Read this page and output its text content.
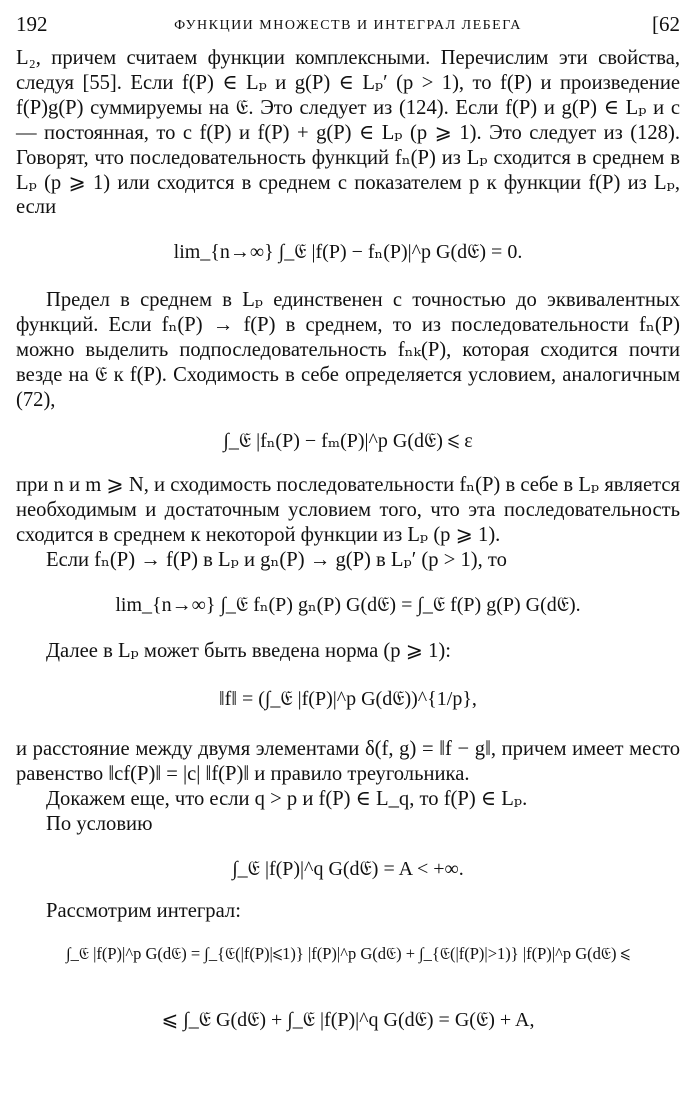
192	ФУНКЦИИ МНОЖЕСТВ И ИНТЕГРАЛ ЛЕБЕГА	[62

L₂, причем считаем функции комплексными. Перечислим эти свойства, следуя [55]. Если f(P) ∈ Lₚ и g(P) ∈ Lₚ′ (p > 1), то f(P) и произведение f(P)g(P) суммируемы на 𝔈. Это следует из (124). Если f(P) и g(P) ∈ Lₚ и c — постоянная, то c f(P) и f(P) + g(P) ∈ Lₚ (p ⩾ 1). Это следует из (128). Говорят, что последовательность функций fₙ(P) из Lₚ сходится в среднем в Lₚ (p ⩾ 1) или сходится в среднем с показателем p к функции f(P) из Lₚ, если

lim_{n→∞} ∫_𝔈 |f(P) − fₙ(P)|^p G(d𝔈) = 0.

Предел в среднем в Lₚ единственен с точностью до эквивалентных функций. Если fₙ(P) → f(P) в среднем, то из последовательности fₙ(P) можно выделить подпоследовательность fₙₖ(P), которая сходится почти везде на 𝔈 к f(P). Сходимость в себе определяется условием, аналогичным (72),

∫_𝔈 |fₙ(P) − fₘ(P)|^p G(d𝔈) ⩽ ε

при n и m ⩾ N, и сходимость последовательности fₙ(P) в себе в Lₚ является необходимым и достаточным условием того, что эта последовательность сходится в среднем к некоторой функции из Lₚ (p ⩾ 1).

Если fₙ(P) → f(P) в Lₚ и gₙ(P) → g(P) в Lₚ′ (p > 1), то

lim_{n→∞} ∫_𝔈 fₙ(P) gₙ(P) G(d𝔈) = ∫_𝔈 f(P) g(P) G(d𝔈).

Далее в Lₚ может быть введена норма (p ⩾ 1):

‖f‖ = (∫_𝔈 |f(P)|^p G(d𝔈))^{1/p},

и расстояние между двумя элементами δ(f, g) = ‖f − g‖, причем имеет место равенство ‖cf(P)‖ = |c| ‖f(P)‖ и правило треугольника.

Докажем еще, что если q > p и f(P) ∈ L_q, то f(P) ∈ Lₚ.

По условию

∫_𝔈 |f(P)|^q G(d𝔈) = A < +∞.

Рассмотрим интеграл:

∫_𝔈 |f(P)|^p G(d𝔈) = ∫_{𝔈(|f(P)|⩽1)} |f(P)|^p G(d𝔈) + ∫_{𝔈(|f(P)|>1)} |f(P)|^p G(d𝔈) ⩽
⩽ ∫_𝔈 G(d𝔈) + ∫_𝔈 |f(P)|^q G(d𝔈) = G(𝔈) + A,
